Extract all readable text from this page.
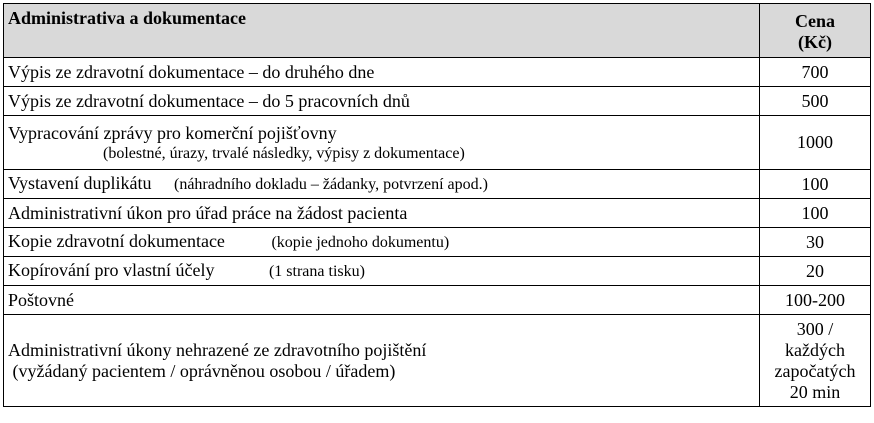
Administrativa a dokumentace	Cena
(Kč)

Výpis ze zdravotní dokumentace – do druhého dne	700
Výpis ze zdravotní dokumentace – do 5 pracovních dnů	500

Vypracování zprávy pro komerční pojišťovny
(bolestné, úrazy, trvalé následky, výpisy z dokumentace)	1000
Vystavení duplikátu (náhradního dokladu – žádanky, potvrzení apod.)	100
Administrativní úkon pro úřad práce na žádost pacienta	100
Kopie zdravotní dokumentace (kopie jednoho dokumentu)	30
Kopírování pro vlastní účely (1 strana tisku)	20
Poštovné	100-200

Administrativní úkony nehrazené ze zdravotního pojištění
(vyžádaný pacientem / oprávněnou osobou / úřadem)	300 /
každých
započatých
20 min
